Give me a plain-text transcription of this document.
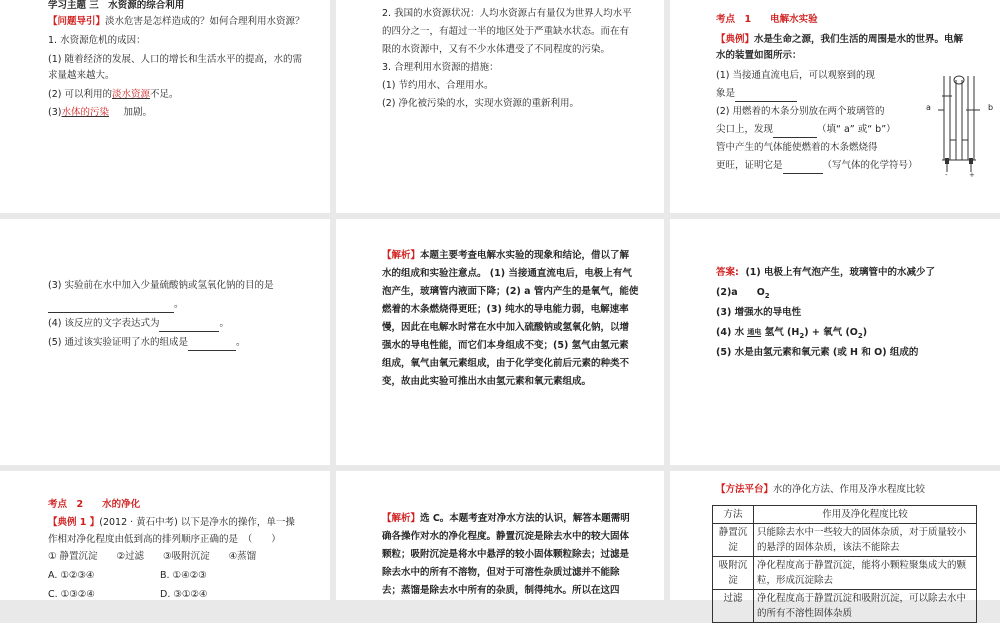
学习主题 三　水资源的综合利用
【问题导引】淡水危害是怎样造成的？如何合理利用水资源？
1. 水资源危机的成因：
(1) 随着经济的发展、人口的增长和生活水平的提高，水的需
求量越来越大。
(2) 可以利用的淡水资源不足。
(3)水体的污染 加剧。
2. 我国的水资源状况：人均水资源占有量仅为世界人均水平
的四分之一，有超过一半的地区处于严重缺水状态。而在有
限的水资源中，又有不少水体遭受了不同程度的污染。
3. 合理利用水资源的措施：
(1) 节约用水、合理用水。
(2) 净化被污染的水，实现水资源的重新利用。
考点　1　　电解水实验
【典例】水是生命之源，我们生活的周围是水的世界。电解
水的装置如图所示：
(1) 当接通直流电后，可以观察到的现
象是
(2) 用燃着的木条分别放在两个玻璃管的
尖口上，发现	（填“ a” 或“ b”）
管中产生的气体能使燃着的木条燃烧得
更旺，证明它是	（写气体的化学符号）
-	+
a	b
(3) 实验前在水中加入少量硫酸钠或氢氧化钠的目的是
。
(4) 该反应的文字表达式为	。
(5) 通过该实验证明了水的组成是	。
【解析】本题主要考查电解水实验的现象和结论，借以了解
水的组成和实验注意点。 (1) 当接通直流电后，电极上有气
泡产生，玻璃管内液面下降；(2) a 管内产生的是氧气，能使
燃着的木条燃烧得更旺；(3) 纯水的导电能力弱，电解速率
慢，因此在电解水时常在水中加入硫酸钠或氢氧化钠，以增
强水的导电性能，而它们本身组成不变；(5) 氢气由氢元素
组成，氧气由氧元素组成，由于化学变化前后元素的种类不
变，故由此实验可推出水由氢元素和氧元素组成。
答案: (1) 电极上有气泡产生，玻璃管中的水减少了
(2)a　　$O_2$
(3) 增强水的导电性
(4) 水 通电 氢气 $(H_2)$ + 氧气 $(O_2)$
(5) 水是由氢元素和氧元素 (或 H 和 O) 组成的
考点　2　　水的净化
【典例 1 】(2012 · 黄石中考) 以下是净水的操作，单一操
作相对净化程度由低到高的排列顺序正确的是　（　　）
① 静置沉淀　　②过滤　　③吸附沉淀　　④蒸馏
A. ①②③④	B. ①④②③
C. ①③②④	D. ③①②④
【解析】选 C。本题考查对净水方法的认识，解答本题需明
确各操作对水的净化程度。静置沉淀是除去水中的较大固体
颗粒；吸附沉淀是将水中悬浮的较小固体颗粒除去；过滤是
除去水中的所有不溶物，但对于可溶性杂质过滤并不能除
去；蒸馏是除去水中所有的杂质，制得纯水。所以在这四
【方法平台】水的净化方法、作用及净水程度比较
方法	作用及净化程度比较
静置沉淀	只能除去水中一些较大的固体杂质，对于质量较小的悬浮的固体杂质，该法不能除去
吸附沉淀	净化程度高于静置沉淀，能将小颗粒聚集成大的颗粒，形成沉淀除去
过滤	净化程度高于静置沉淀和吸附沉淀，可以除去水中的所有不溶性固体杂质
